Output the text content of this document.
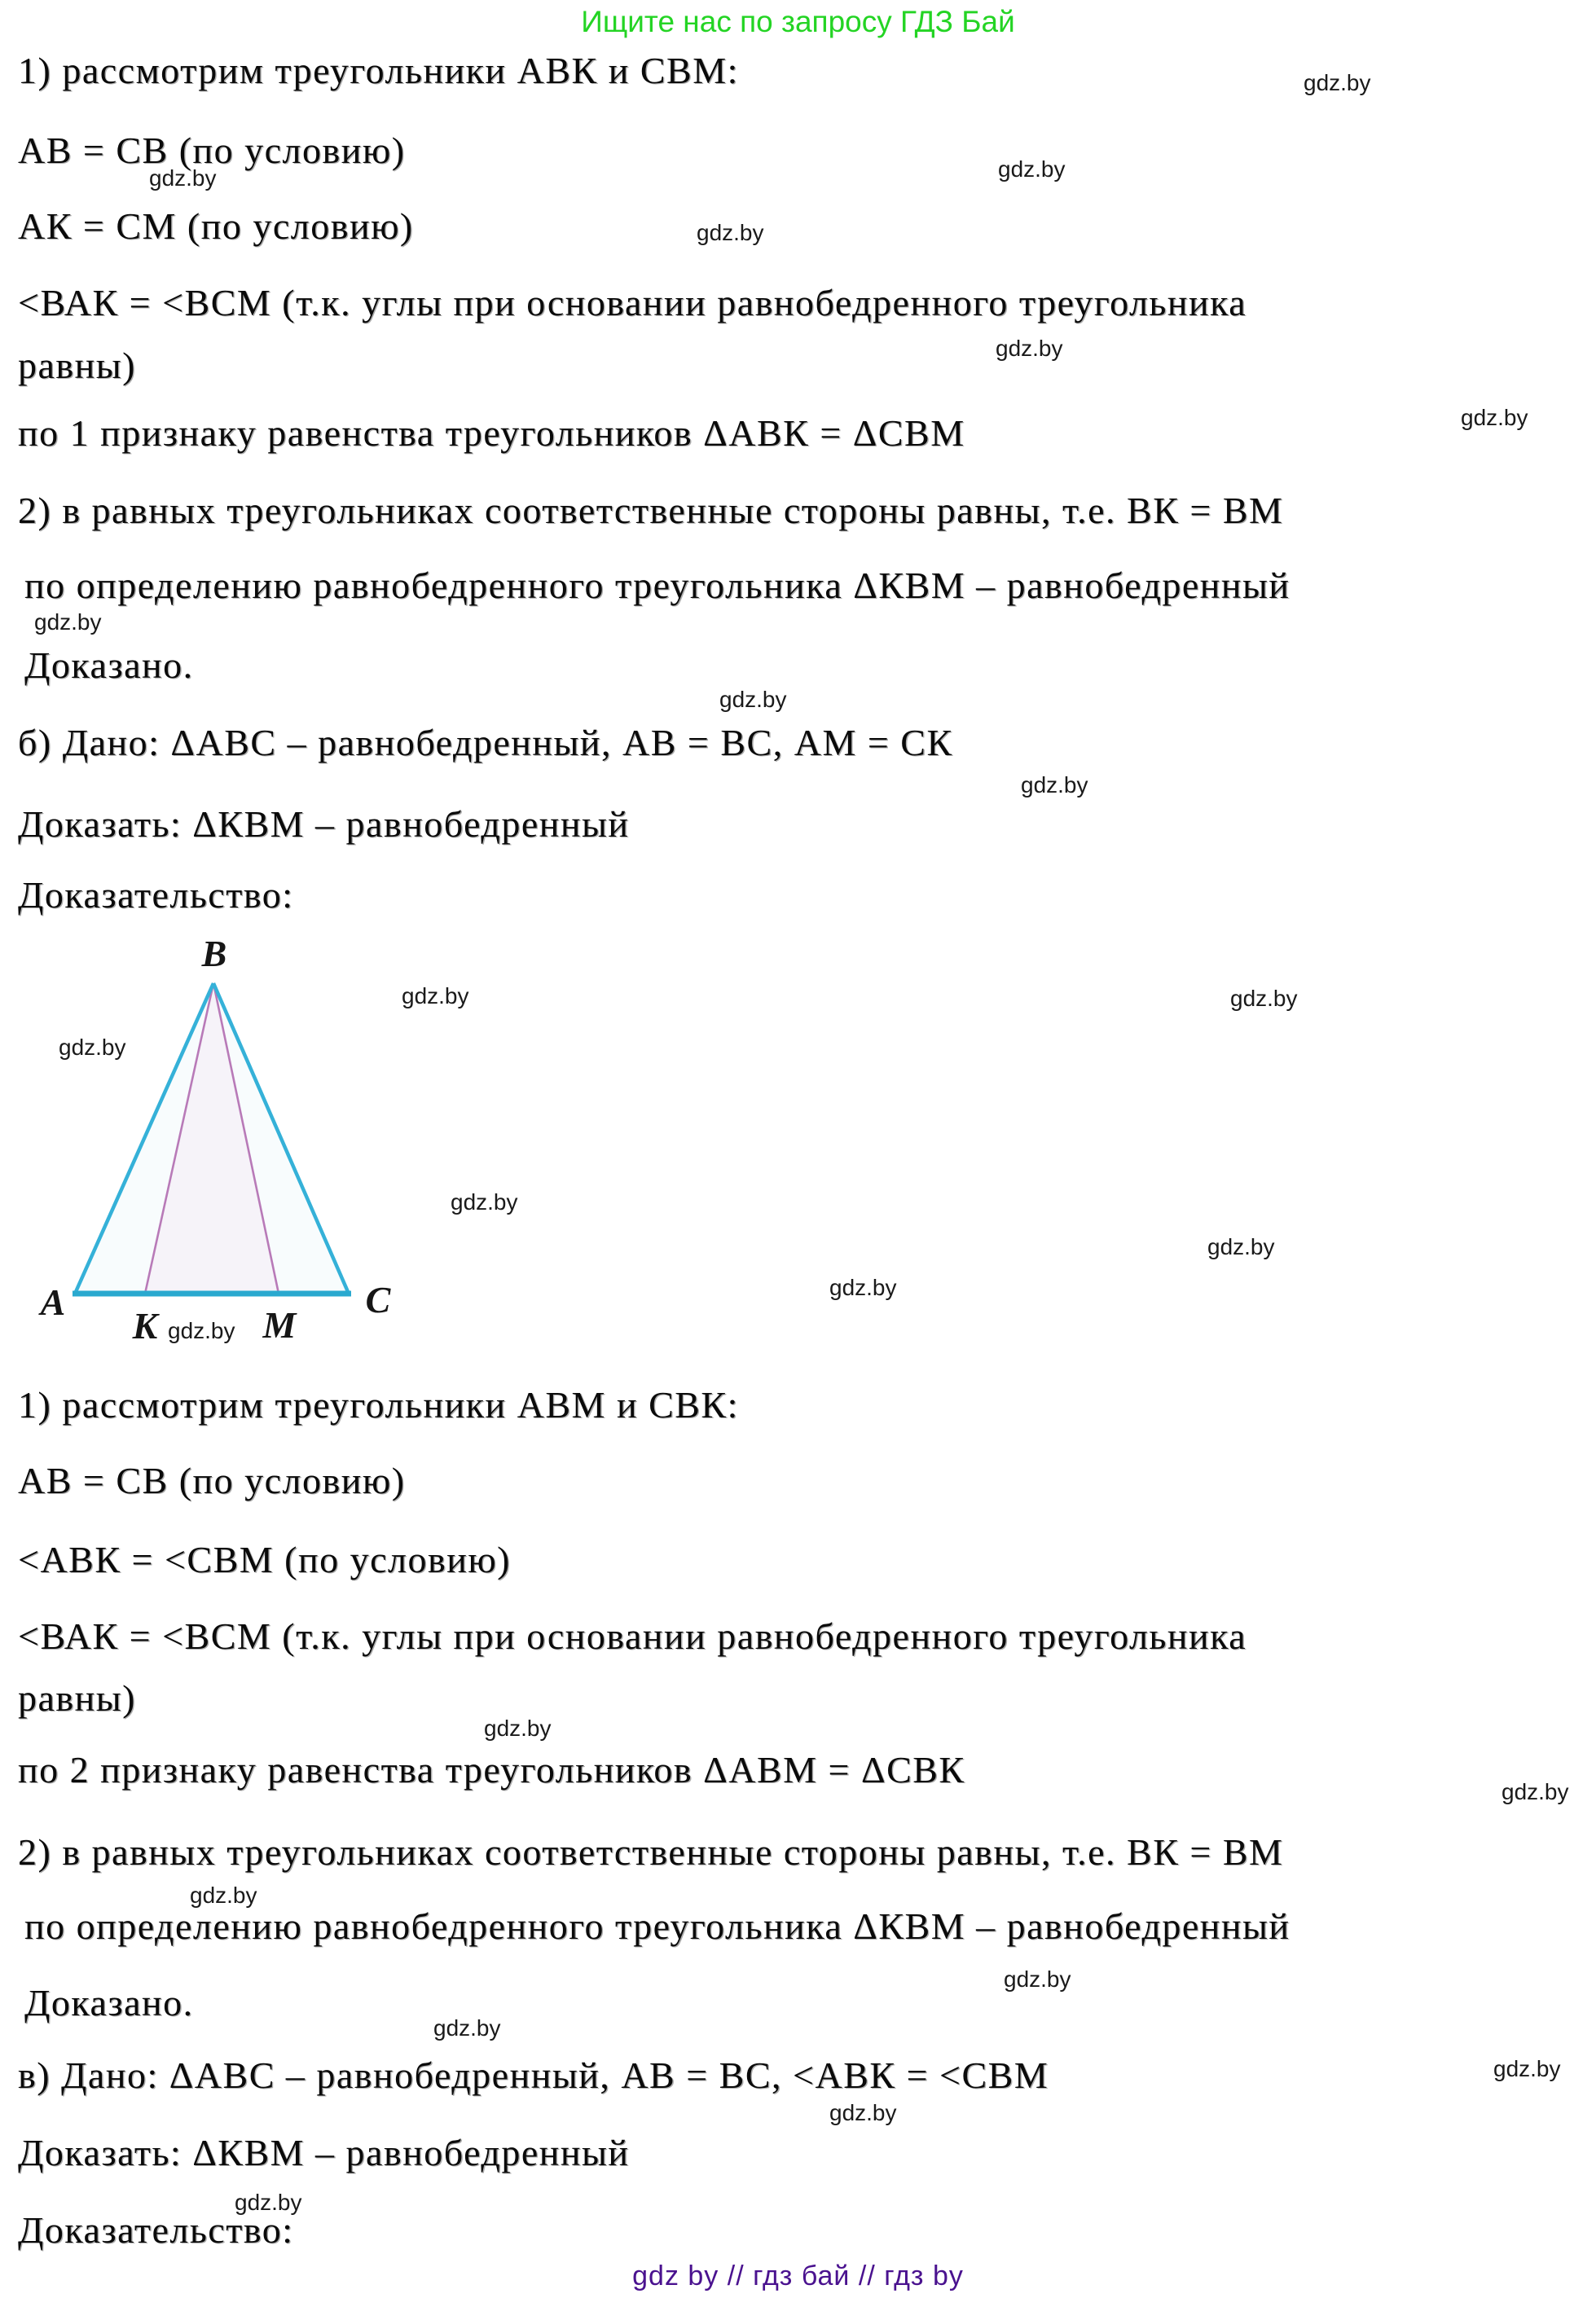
Ищите нас по запросу ГДЗ Бай
1) рассмотрим треугольники АВК и СВМ:
АВ = СВ (по условию)
АК = СМ (по условию)
<ВАК = <ВСМ (т.к. углы при основании равнобедренного треугольника
равны)
по 1 признаку равенства треугольников ΔАВК = ΔСВМ
2) в равных треугольниках соответственные стороны равны, т.е. ВК = ВМ
по определению равнобедренного треугольника ΔКВМ – равнобедренный
Доказано.
б) Дано: ΔАВС – равнобедренный, АВ = ВС, АМ = СК
Доказать: ΔКВМ – равнобедренный
Доказательство:
1) рассмотрим треугольники АВМ и СВК:
АВ = СВ (по условию)
<АВК = <СВМ (по условию)
<ВАК = <ВСМ (т.к. углы при основании равнобедренного треугольника
равны)
по 2 признаку равенства треугольников ΔАВМ = ΔСВК
2) в равных треугольниках соответственные стороны равны, т.е. ВК = ВМ
по определению равнобедренного треугольника ΔКВМ – равнобедренный
Доказано.
в) Дано: ΔАВС – равнобедренный, АВ = ВС, <АВК = <СВМ
Доказать: ΔКВМ – равнобедренный
Доказательство:
B
A	C
K	M
gdz.by
gdz.by
gdz.by
gdz.by
gdz.by
gdz.by
gdz.by
gdz.by
gdz.by
gdz.by
gdz.by
gdz.by
gdz.by
gdz.by
gdz.by
gdz.by
gdz.by
gdz.by
gdz.by
gdz.by
gdz.by
gdz.by
gdz.by
gdz.by
gdz by // гдз бай // гдз by
